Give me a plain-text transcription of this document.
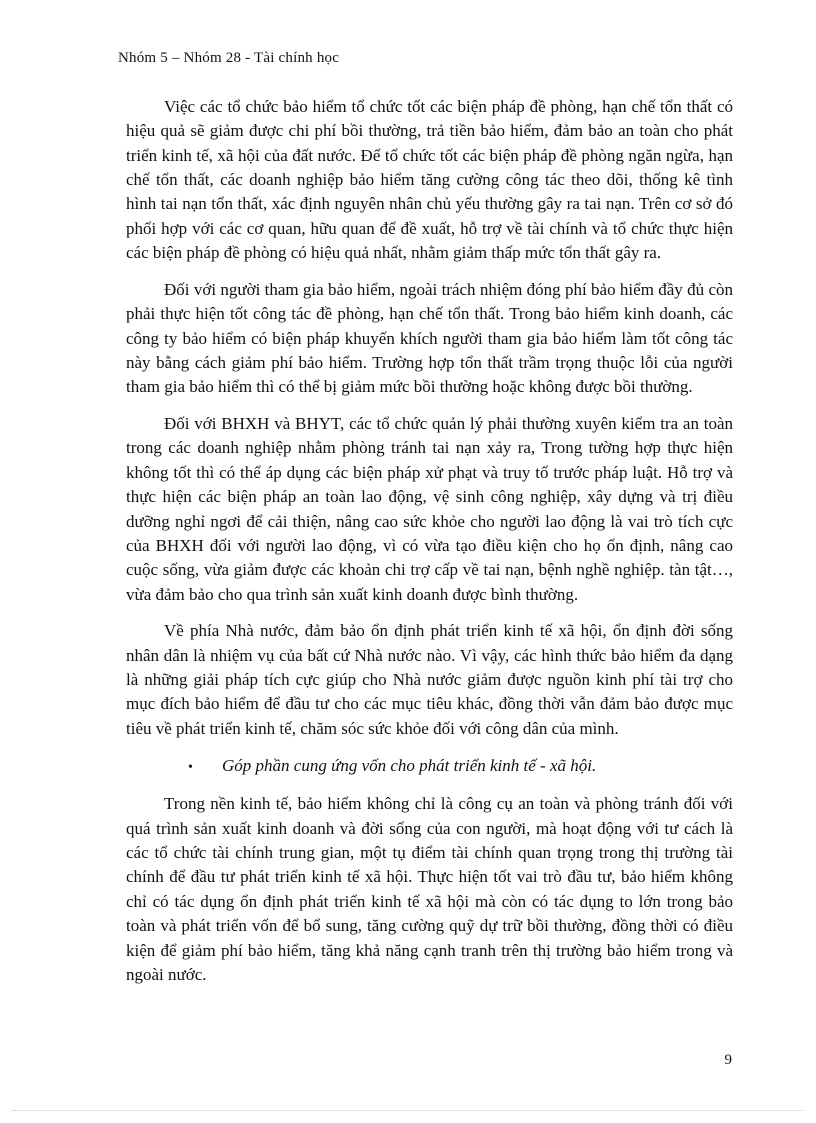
Nhóm 5 – Nhóm 28 - Tài chính học

Việc các tổ chức bảo hiểm tổ chức tốt các biện pháp đề phòng, hạn chế tổn thất có hiệu quả sẽ giảm được chi phí bồi thường, trả tiền bảo hiểm, đảm bảo an toàn cho phát triển kinh tế, xã hội của đất nước. Để tổ chức tốt các biện pháp đề phòng ngăn ngừa, hạn chế tổn thất, các doanh nghiệp bảo hiểm tăng cường công tác theo dõi, thống kê tình hình tai nạn tổn thất, xác định nguyên nhân chủ yếu thường gây ra tai nạn. Trên cơ sở đó phối hợp với các cơ quan, hữu quan để đề xuất, hỗ trợ về tài chính và tổ chức thực hiện các biện pháp đề phòng có hiệu quả nhất, nhằm giảm thấp mức tổn thất gây ra.

Đối với người tham gia bảo hiểm, ngoài trách nhiệm đóng phí bảo hiểm đầy đủ còn phải thực hiện tốt công tác đề phòng, hạn chế tổn thất. Trong bảo hiểm kinh doanh, các công ty bảo hiểm có biện pháp khuyến khích người tham gia bảo hiểm làm tốt công tác này bằng cách giảm phí bảo hiểm. Trường hợp tổn thất trầm trọng thuộc lỗi của người tham gia bảo hiểm thì có thể bị giảm mức bồi thường hoặc không được bồi thường.

Đối với BHXH và BHYT, các tổ chức quản lý phải thường xuyên kiểm tra an toàn trong các doanh nghiệp nhằm phòng tránh tai nạn xảy ra, Trong tường hợp thực hiện không tốt thì có thể áp dụng các biện pháp xử phạt và truy tố trước pháp luật. Hỗ trợ và thực hiện các biện pháp an toàn lao động, vệ sinh công nghiệp, xây dựng và trị điều dưỡng nghỉ ngơi để cải thiện, nâng cao sức khỏe cho người lao động là vai trò tích cực của BHXH đối với người lao động, vì có vừa tạo điều kiện cho họ ổn định, nâng cao cuộc sống, vừa giảm được các khoản chi trợ cấp về tai nạn, bệnh nghề nghiệp. tàn tật…, vừa đảm bảo cho qua trình sản xuất kinh doanh được bình thường.

Về phía Nhà nước, đảm bảo ổn định phát triển kinh tế xã hội, ổn định đời sống nhân dân là nhiệm vụ của bất cứ Nhà nước nào. Vì vậy, các hình thức bảo hiểm đa dạng là những giải pháp tích cực giúp cho Nhà nước giảm được nguồn kinh phí tài trợ cho mục đích bảo hiểm để đầu tư cho các mục tiêu khác, đồng thời vẫn đảm bảo được mục tiêu về phát triển kinh tế, chăm sóc sức khỏe đối với công dân của mình.

•	Góp phần cung ứng vốn cho phát triển kinh tế - xã hội.

Trong nền kinh tế, bảo hiểm không chỉ là công cụ an toàn và phòng tránh đối với quá trình sản xuất kinh doanh và đời sống của con người, mà hoạt động với tư cách là các tổ chức tài chính trung gian, một tụ điểm tài chính quan trọng trong thị trường tài chính để đầu tư phát triển kinh tế xã hội. Thực hiện tốt vai trò đầu tư, bảo hiểm không chỉ có tác dụng ổn định phát triển kinh tế xã hội mà còn có tác dụng to lớn trong bảo toàn và phát triển vốn để bổ sung, tăng cường quỹ dự trữ bồi thường, đồng thời có điều kiện để giảm phí bảo hiểm, tăng khả năng cạnh tranh trên thị trường bảo hiểm trong và ngoài nước.

9
